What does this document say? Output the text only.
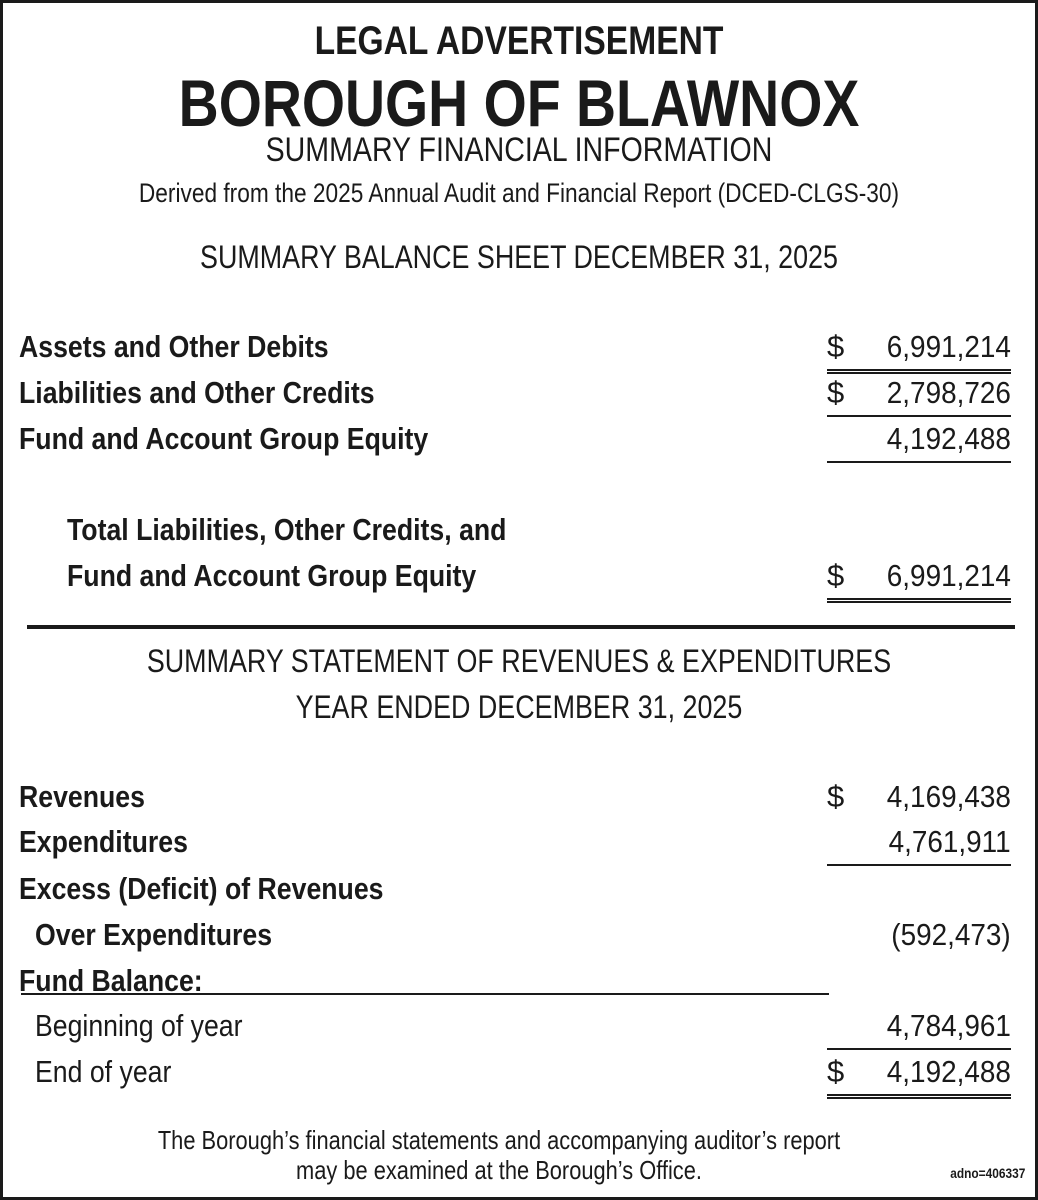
LEGAL ADVERTISEMENT
BOROUGH OF BLAWNOX
SUMMARY FINANCIAL INFORMATION
Derived from the 2025 Annual Audit and Financial Report (DCED-CLGS-30)
SUMMARY BALANCE SHEET DECEMBER 31, 2025
Assets and Other Debits	$ 6,991,214
Liabilities and Other Credits	$ 2,798,726
Fund and Account Group Equity	4,192,488
Total Liabilities, Other Credits, and
Fund and Account Group Equity	$ 6,991,214
SUMMARY STATEMENT OF REVENUES & EXPENDITURES
YEAR ENDED DECEMBER 31, 2025
Revenues	$ 4,169,438
Expenditures	4,761,911
Excess (Deficit) of Revenues
Over Expenditures	(592,473)
Fund Balance:
Beginning of year	4,784,961
End of year	$ 4,192,488
The Borough’s financial statements and accompanying auditor’s report
may be examined at the Borough’s Office.	adno=406337
